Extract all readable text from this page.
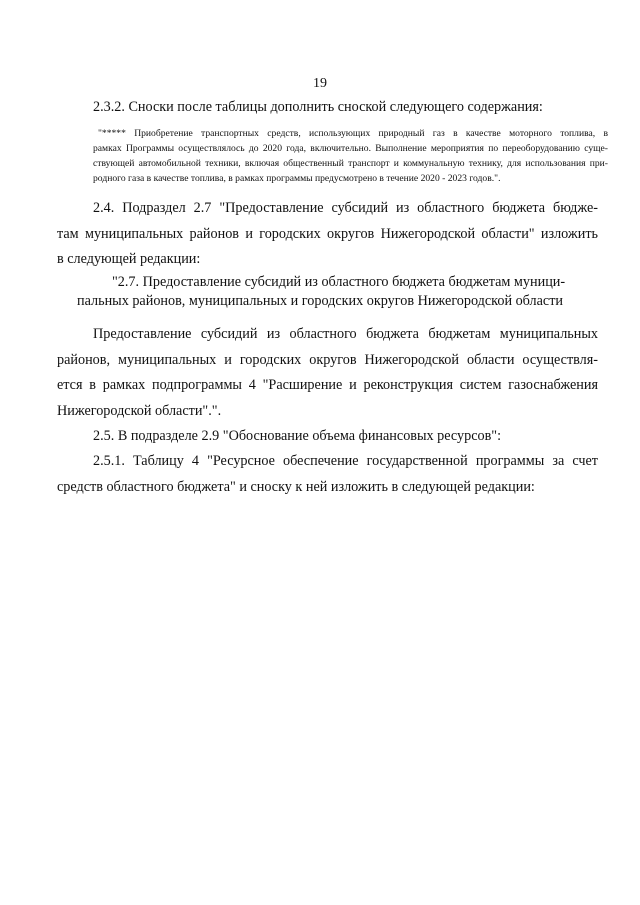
19
2.3.2. Сноски после таблицы дополнить сноской следующего содержания:
"***** Приобретение транспортных средств, использующих природный газ в качестве моторного топлива, в
рамках Программы осуществлялось до 2020 года, включительно. Выполнение мероприятия по переоборудованию суще-
ствующей автомобильной техники, включая общественный транспорт и коммунальную технику, для использования при-
родного газа в качестве топлива, в рамках программы предусмотрено в течение 2020 - 2023 годов.".
2.4. Подраздел 2.7 "Предоставление субсидий из областного бюджета бюдже-
там муниципальных районов и городских округов Нижегородской области" изложить
в следующей редакции:
"2.7. Предоставление субсидий из областного бюджета бюджетам муници-
пальных районов, муниципальных и городских округов Нижегородской области
Предоставление субсидий из областного бюджета бюджетам муниципальных
районов, муниципальных и городских округов Нижегородской области осуществля-
ется в рамках подпрограммы 4 "Расширение и реконструкция систем газоснабжения
Нижегородской области".".
2.5. В подразделе 2.9 "Обоснование объема финансовых ресурсов":
2.5.1. Таблицу 4 "Ресурсное обеспечение государственной программы за счет
средств областного бюджета" и сноску к ней изложить в следующей редакции:
